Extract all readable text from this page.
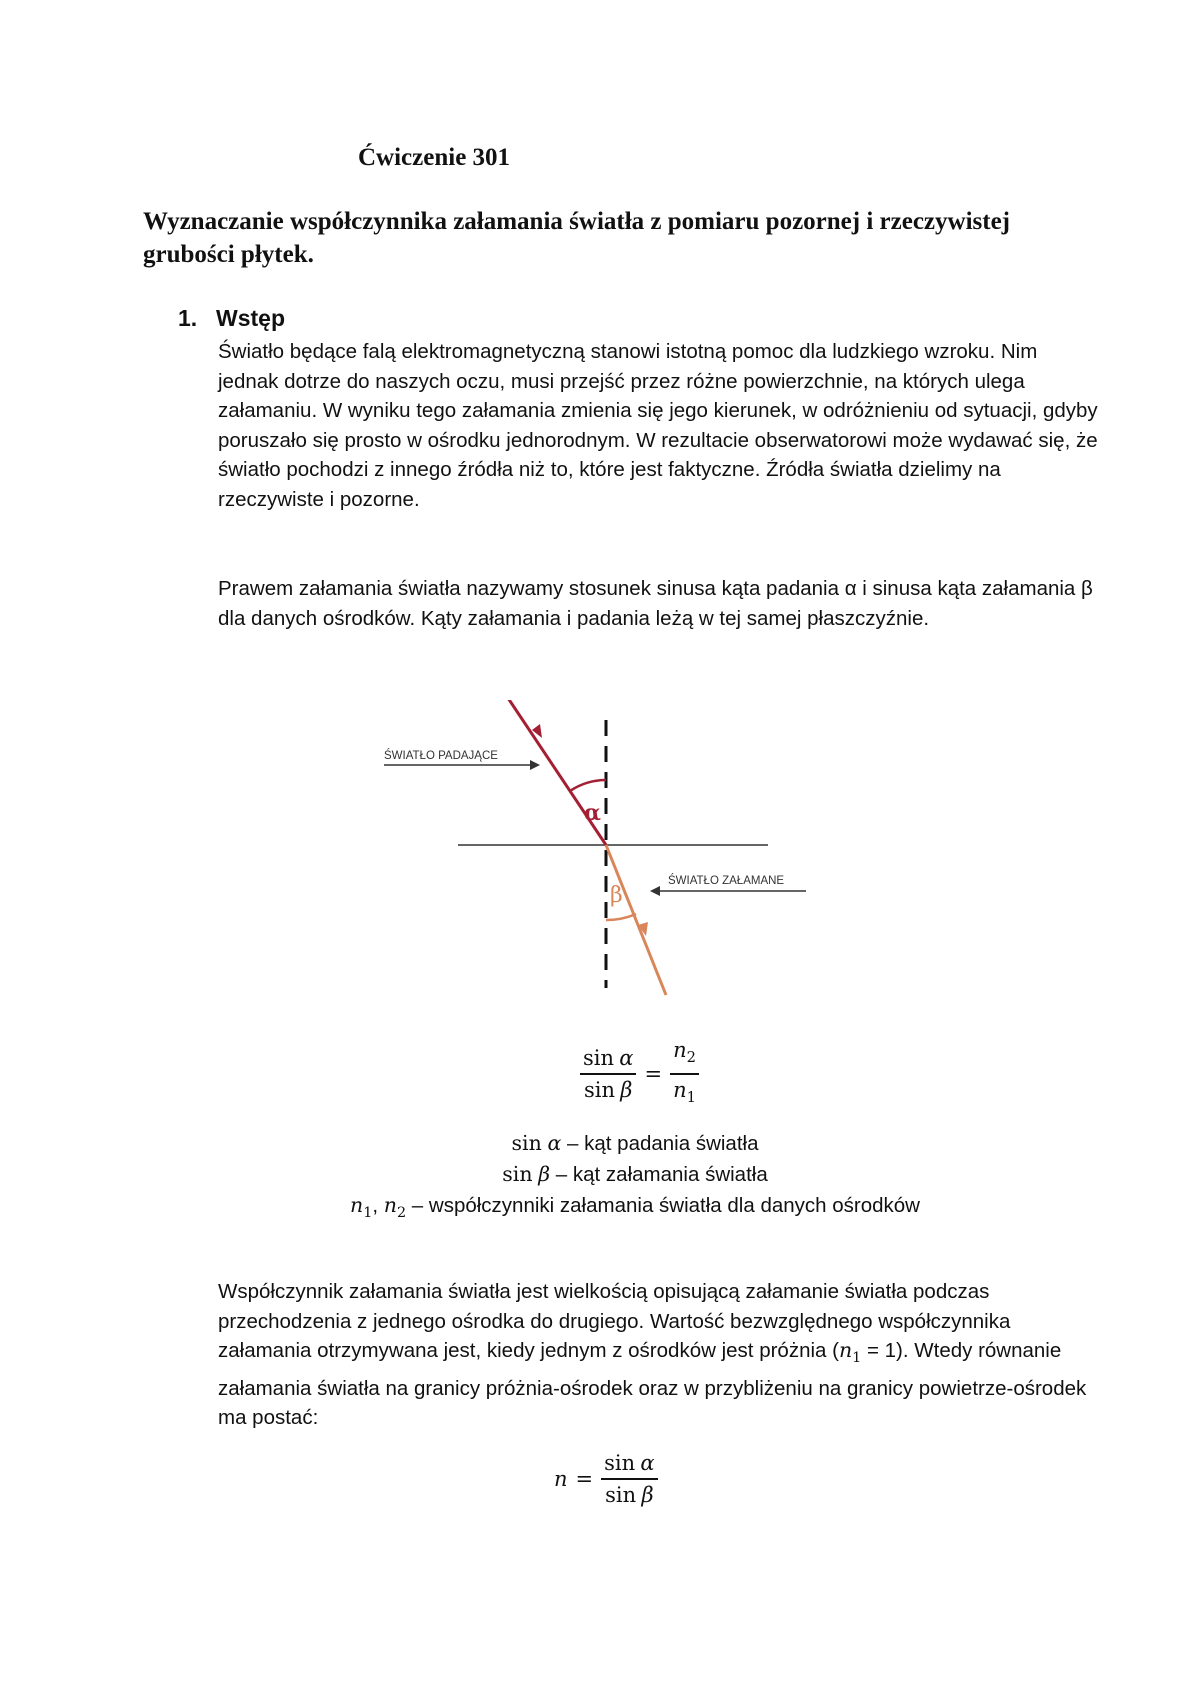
Ćwiczenie 301
Wyznaczanie współczynnika załamania światła z pomiaru pozornej i rzeczywistej grubości płytek.
1. Wstęp

Światło będące falą elektromagnetyczną stanowi istotną pomoc dla ludzkiego wzroku. Nim jednak dotrze do naszych oczu, musi przejść przez różne powierzchnie, na których ulega załamaniu. W wyniku tego załamania zmienia się jego kierunek, w odróżnieniu od sytuacji, gdyby poruszało się prosto w ośrodku jednorodnym. W rezultacie obserwatorowi może wydawać się, że światło pochodzi z innego źródła niż to, które jest faktyczne. Źródła światła dzielimy na rzeczywiste i pozorne.

Prawem załamania światła nazywamy stosunek sinusa kąta padania α i sinusa kąta załamania β dla danych ośrodków. Kąty załamania i padania leżą w tej samej płaszczyźnie.

α
β
ŚWIATŁO PADAJĄCE
ŚWIATŁO ZAŁAMANE
$\frac{\text{sin α}}{\text{sin β}} = \frac{n_2}{n_1}$
sin α – kąt padania światła
sin β – kąt załamania światła
$n_1$, $n_2$ – współczynniki załamania światła dla danych ośrodków

Współczynnik załamania światła jest wielkością opisującą załamanie światła podczas przechodzenia z jednego ośrodka do drugiego. Wartość bezwzględnego współczynnika załamania otrzymywana jest, kiedy jednym z ośrodków jest próżnia $(n_1 = 1)$. Wtedy równanie załamania światła na granicy próżnia-ośrodek oraz w przybliżeniu na granicy powietrze-ośrodek ma postać:

$n = \frac{\text{sin α}}{\text{sin β}}$
